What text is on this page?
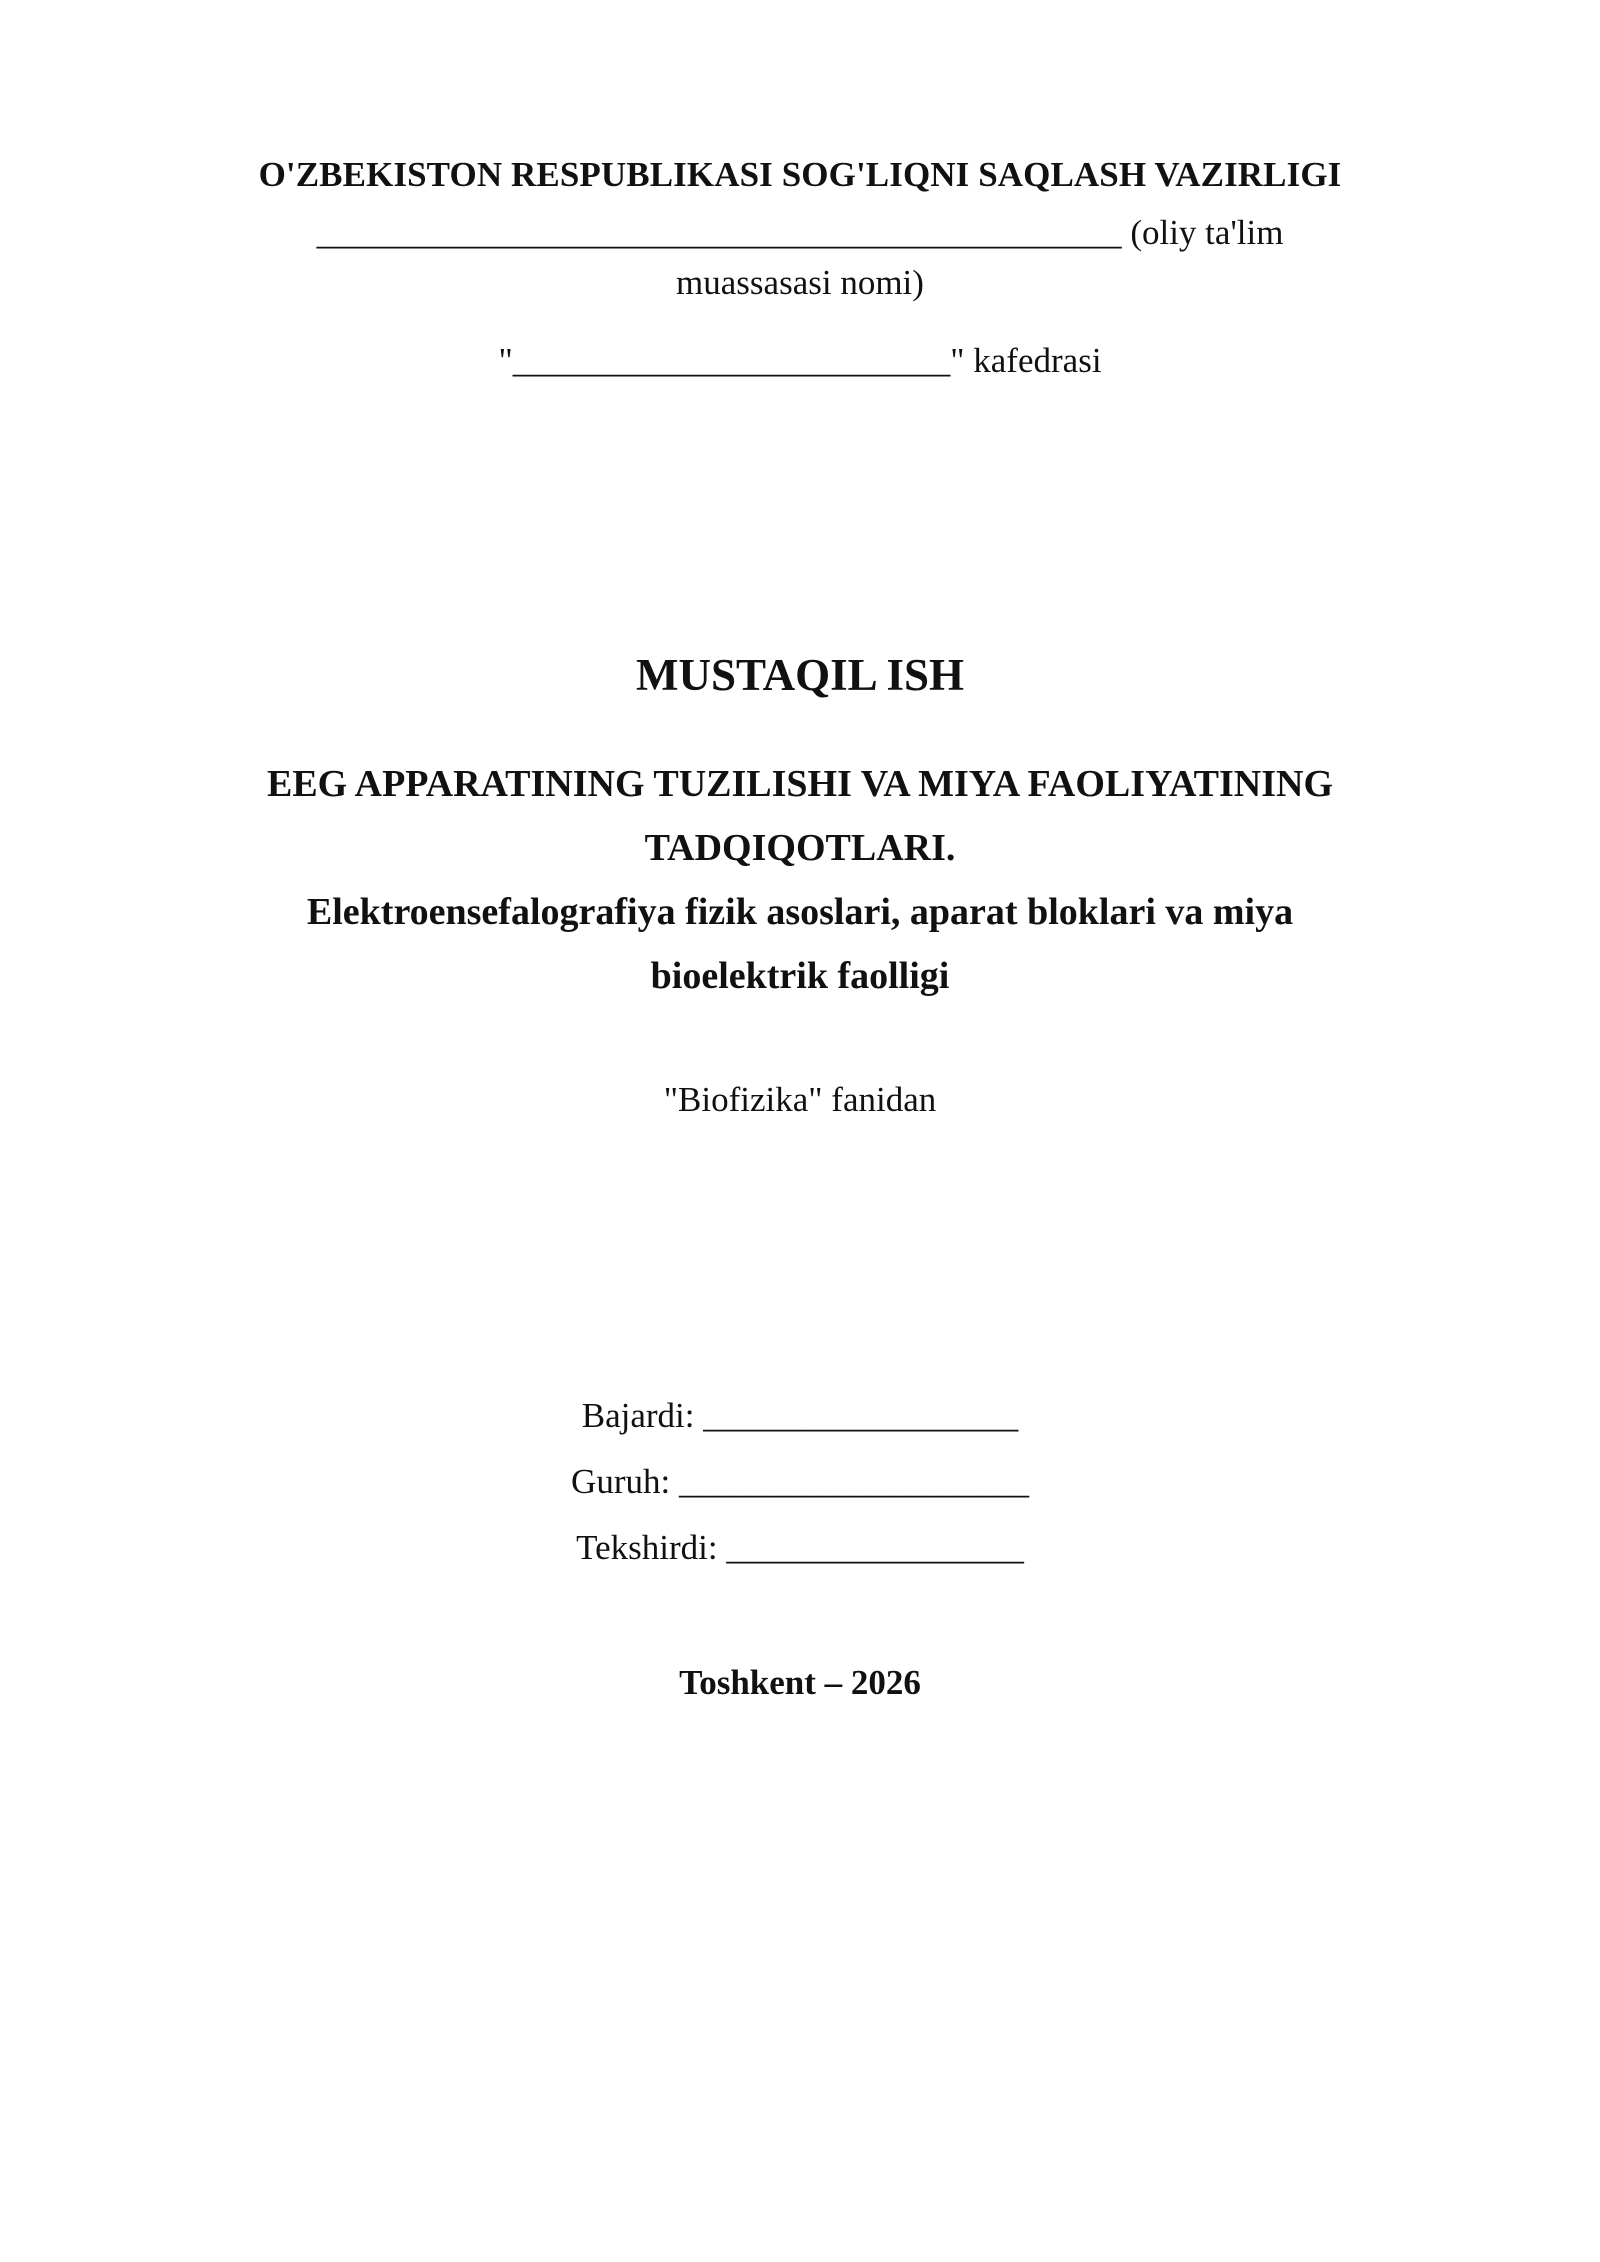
O'ZBEKISTON RESPUBLIKASI SOG'LIQNI SAQLASH VAZIRLIGI
______________________________________________ (oliy ta'lim
muassasasi nomi)
"_________________________" kafedrasi
MUSTAQIL ISH
EEG APPARATINING TUZILISHI VA MIYA FAOLIYATINING
TADQIQOTLARI.
Elektroensefalografiya fizik asoslari, aparat bloklari va miya
bioelektrik faolligi
"Biofizika" fanidan
Bajardi: __________________
Guruh: ____________________
Tekshirdi: _________________
Toshkent – 2026
